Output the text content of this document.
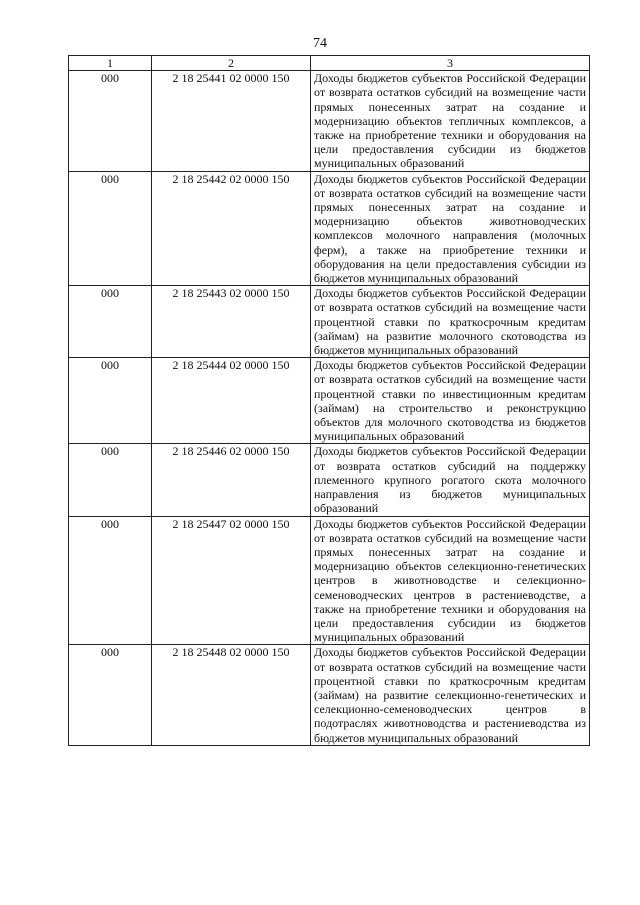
74
1	2	3
000	2 18 25441 02 0000 150	Доходы бюджетов субъектов Российской Федерации от возврата остатков субсидий на возмещение части прямых понесенных затрат на создание и модернизацию объектов тепличных комплексов, а также на приобретение техники и оборудования на цели предоставления субсидии из бюджетов муниципальных образований
000	2 18 25442 02 0000 150	Доходы бюджетов субъектов Российской Федерации от возврата остатков субсидий на возмещение части прямых понесенных затрат на создание и модернизацию объектов животноводческих комплексов молочного направления (молочных ферм), а также на приобретение техники и оборудования на цели предоставления субсидии из бюджетов муниципальных образований
000	2 18 25443 02 0000 150	Доходы бюджетов субъектов Российской Федерации от возврата остатков субсидий на возмещение части процентной ставки по краткосрочным кредитам (займам) на развитие молочного скотоводства из бюджетов муниципальных образований
000	2 18 25444 02 0000 150	Доходы бюджетов субъектов Российской Федерации от возврата остатков субсидий на возмещение части процентной ставки по инвестиционным кредитам (займам) на строительство и реконструкцию объектов для молочного скотоводства из бюджетов муниципальных образований
000	2 18 25446 02 0000 150	Доходы бюджетов субъектов Российской Федерации от возврата остатков субсидий на поддержку племенного крупного рогатого скота молочного направления из бюджетов муниципальных образований
000	2 18 25447 02 0000 150	Доходы бюджетов субъектов Российской Федерации от возврата остатков субсидий на возмещение части прямых понесенных затрат на создание и модернизацию объектов селекционно-генетических центров в животноводстве и селекционно-семеноводческих центров в растениеводстве, а также на приобретение техники и оборудования на цели предоставления субсидии из бюджетов муниципальных образований
000	2 18 25448 02 0000 150	Доходы бюджетов субъектов Российской Федерации от возврата остатков субсидий на возмещение части процентной ставки по краткосрочным кредитам (займам) на развитие селекционно-генетических и селекционно-семеноводческих центров в подотраслях животноводства и растениеводства из бюджетов муниципальных образований
